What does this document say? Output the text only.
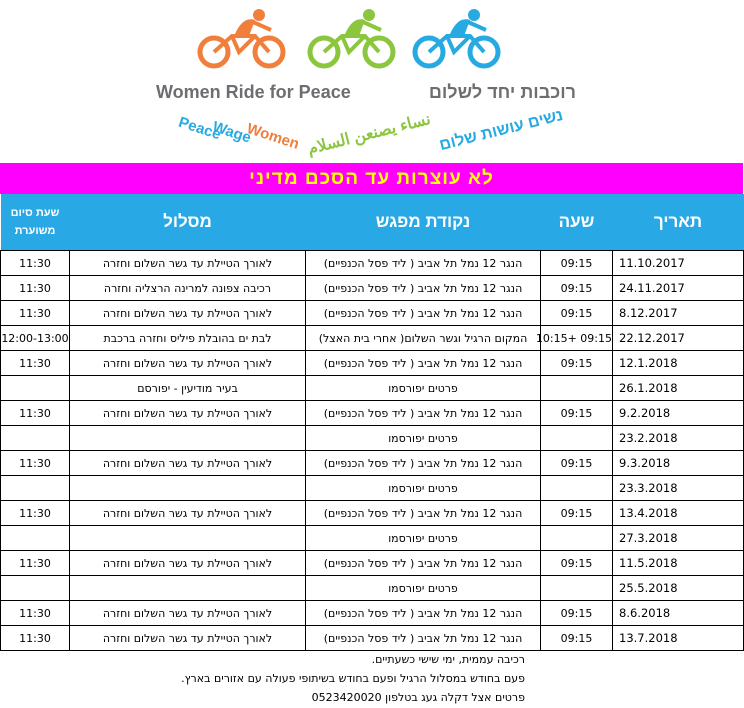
Women Ride for Peace	רוכבות יחד לשלום
Peace
Wage
Women نساء يصنعن السلام נשים עושות שלום
לא עוצרות עד הסכם מדיני
תאריך	שעה	נקודת מפגש	מסלול	שעת סיום
משוערת
11.10.2017	09:15	הנגר 12 נמל תל אביב ( ליד פסל הכנפיים)	לאורך הטיילת עד גשר השלום וחזרה	11:30
24.11.2017	09:15	הנגר 12 נמל תל אביב ( ליד פסל הכנפיים)	רכיבה צפונה למרינה הרצליה וחזרה	11:30
8.12.2017	09:15	הנגר 12 נמל תל אביב ( ליד פסל הכנפיים)	לאורך הטיילת עד גשר השלום וחזרה	11:30
22.12.2017	09:15 +10:15	המקום הרגיל וגשר השלום( אחרי בית האצל)	לבת ים בהובלת פיליס וחזרה ברכבת	12:00-13:00
12.1.2018	09:15	הנגר 12 נמל תל אביב ( ליד פסל הכנפיים)	לאורך הטיילת עד גשר השלום וחזרה	11:30
26.1.2018		פרטים יפורסמו	בעיר מודיעין - יפורסם	
9.2.2018	09:15	הנגר 12 נמל תל אביב ( ליד פסל הכנפיים)	לאורך הטיילת עד גשר השלום וחזרה	11:30
23.2.2018		פרטים יפורסמו		
9.3.2018	09:15	הנגר 12 נמל תל אביב ( ליד פסל הכנפיים)	לאורך הטיילת עד גשר השלום וחזרה	11:30
23.3.2018		פרטים יפורסמו		
13.4.2018	09:15	הנגר 12 נמל תל אביב ( ליד פסל הכנפיים)	לאורך הטיילת עד גשר השלום וחזרה	11:30
27.3.2018		פרטים יפורסמו		
11.5.2018	09:15	הנגר 12 נמל תל אביב ( ליד פסל הכנפיים)	לאורך הטיילת עד גשר השלום וחזרה	11:30
25.5.2018		פרטים יפורסמו		
8.6.2018	09:15	הנגר 12 נמל תל אביב ( ליד פסל הכנפיים)	לאורך הטיילת עד גשר השלום וחזרה	11:30
13.7.2018	09:15	הנגר 12 נמל תל אביב ( ליד פסל הכנפיים)	לאורך הטיילת עד גשר השלום וחזרה	11:30
רכיבה עממית, ימי שישי כשעתיים.
פעם בחודש במסלול הרגיל ופעם בחודש בשיתופי פעולה עם אזורים בארץ.
פרטים אצל דקלה געג בטלפון 0523420020
